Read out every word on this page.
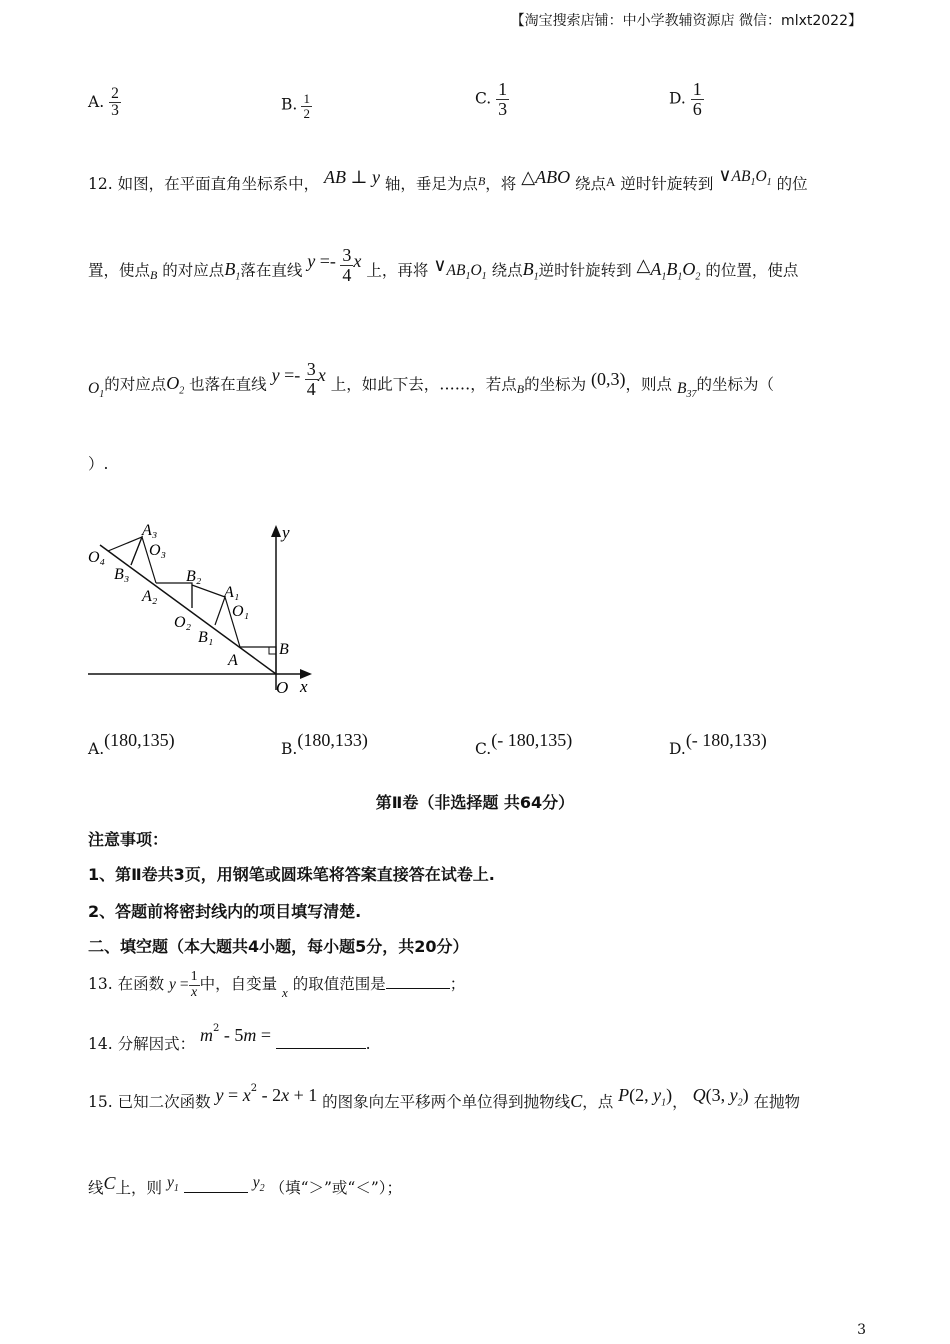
【淘宝搜索店铺：中小学教辅资源店 微信：mlxt2022】
A. $\frac{2}{3}$	B. $\frac{1}{2}$	C. $\frac{1}{3}$	D. $\frac{1}{6}$
12. 如图，在平面直角坐标系中， AB ⊥ y 轴，垂足为点$^B$，将 △ABO 绕点A 逆时针旋转到 $\vee AB_1O_1$ 的位
置，使点$_B$ 的对应点$B_1$落在直线 $y =- \frac{3}{4}$ x 上，再将 $\vee AB_1O_1$ 绕点$B_1$逆时针旋转到 $\triangle A_1B_1O_2$ 的位置，使点
$O_1$的对应点$O_2$ 也落在直线 $y =- \frac{3}{4}$ x 上，如此下去，……，若点$_B$的坐标为 (0,3)，则点 $B_{37}$的坐标为（
）.
y
x
O
A
B
A₁
O₁
B₁
O₂
A₂
B₂
A₃
O₃
B₃
O₄
A.(180,135)	B.(180,133)	C.(- 180,135)	D.(- 180,133)
第Ⅱ卷（非选择题 共64分）
注意事项：
1、第Ⅱ卷共3页，用钢笔或圆珠笔将答案直接答在试卷上.
2、答题前将密封线内的项目填写清楚.
二、填空题（本大题共4小题，每小题5分，共20分）
13. 在函数 $y = \frac{1}{x}$ 中，自变量 $_x$ 的取值范围是	；
14. 分解因式： $m^2 - 5m$ =	.
15. 已知二次函数 $y = x^2 - 2x + 1$ 的图象向左平移两个单位得到抛物线C，点 P(2, $y_1$)， Q(3, $y_2$) 在抛物
线C上，则 $y_1$	$y_2$ （填“＞”或“＜”）；
3
